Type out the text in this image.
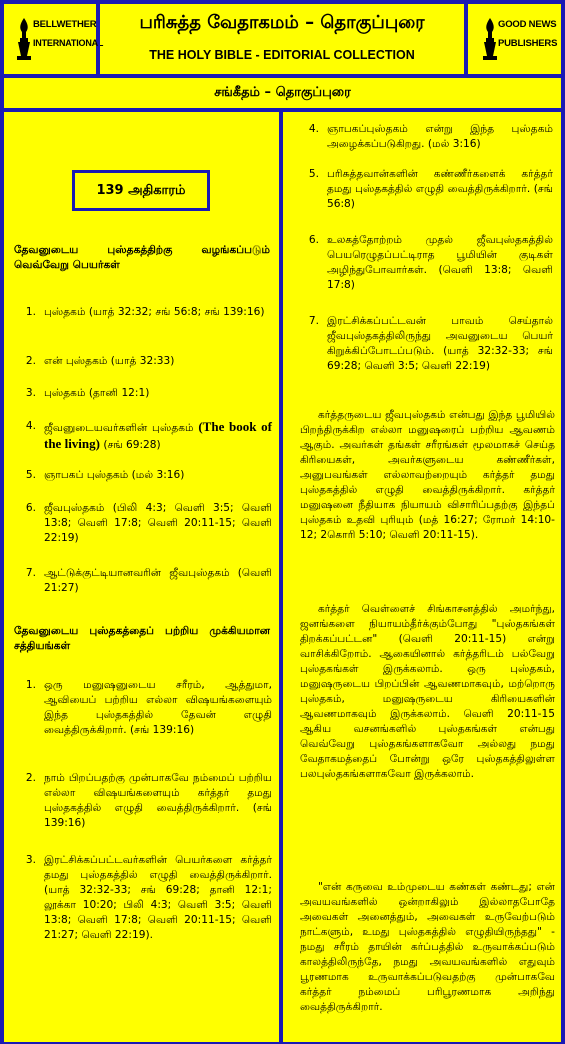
BELLWETHER
INTERNATIONAL
பரிசுத்த வேதாகமம் – தொகுப்புரை
THE HOLY BIBLE - EDITORIAL COLLECTION
GOOD NEWS
PUBLISHERS
சங்கீதம் – தொகுப்புரை
139 அதிகாரம்
தேவனுடைய புஸ்தகத்திற்கு வழங்கப்படும் வெவ்வேறு பெயர்கள்
1. புஸ்தகம் (யாத் 32:32; சங் 56:8; சங் 139:16)
2. என் புஸ்தகம் (யாத் 32:33)
3. புஸ்தகம் (தானி 12:1)
4. ஜீவனுடையவர்களின் புஸ்தகம் (The book of the living) (சங் 69:28)
5. ஞாபகப் புஸ்தகம் (மல் 3:16)
6. ஜீவபுஸ்தகம் (பிலி 4:3; வெளி 3:5; வெளி 13:8; வெளி 17:8; வெளி 20:11-15; வெளி 22:19)
7. ஆட்டுக்குட்டியானவரின் ஜீவபுஸ்தகம் (வெளி 21:27)
தேவனுடைய புஸ்தகத்தைப் பற்றிய முக்கியமான சத்தியங்கள்
1. ஒரு மனுஷனுடைய சரீரம், ஆத்துமா, ஆவியைப் பற்றிய எல்லா விஷயங்களையும் இந்த புஸ்தகத்தில் தேவன் எழுதி வைத்திருக்கிறார். (சங் 139:16)
2. நாம் பிறப்பதற்கு முன்பாகவே நம்மைப் பற்றிய எல்லா விஷயங்களையும் கர்த்தர் தமது புஸ்தகத்தில் எழுதி வைத்திருக்கிறார். (சங் 139:16)
3. இரட்சிக்கப்பட்டவர்களின் பெயர்களை கர்த்தர் தமது புஸ்தகத்தில் எழுதி வைத்திருக்கிறார். (யாத் 32:32-33; சங் 69:28; தானி 12:1; லூக்கா 10:20; பிலி 4:3; வெளி 3:5; வெளி 13:8; வெளி 17:8; வெளி 20:11-15; வெளி 21:27; வெளி 22:19).
4. ஞாபகப்புஸ்தகம் என்று இந்த புஸ்தகம் அழைக்கப்படுகிறது. (மல் 3:16)
5. பரிசுத்தவான்களின் கண்ணீர்களைக் கர்த்தர் தமது புஸ்தகத்தில் எழுதி வைத்திருக்கிறார். (சங் 56:8)
6. உலகத்தோற்றம் முதல் ஜீவபுஸ்தகத்தில் பெயரெழுதப்பட்டிராத பூமியின் குடிகள் அழிந்துபோவார்கள். (வெளி 13:8; வெளி 17:8)
7. இரட்சிக்கப்பட்டவன் பாவம் செய்தால் ஜீவபுஸ்தகத்திலிருந்து அவனுடைய பெயர் கிறுக்கிப்போடப்படும். (யாத் 32:32-33; சங் 69:28; வெளி 3:5; வெளி 22:19)
கர்த்தருடைய ஜீவபுஸ்தகம் என்பது இந்த பூமியில் பிறந்திருக்கிற எல்லா மனுஷரைப் பற்றிய ஆவணம் ஆகும். அவர்கள் தங்கள் சரீரங்கள் மூலமாகச் செய்த கிரியைகள், அவர்களுடைய கண்ணீர்கள், அனுபவங்கள் எல்லாவற்றையும் கர்த்தர் தமது புஸ்தகத்தில் எழுதி வைத்திருக்கிறார். கர்த்தர் மனுஷனை நீதியாக நியாயம் விசாரிப்பதற்கு இந்தப் புஸ்தகம் உதவி புரியும் (மத் 16:27; ரோமர் 14:10-12; 2கொரி 5:10; வெளி 20:11-15).
கர்த்தர் வெள்ளைச் சிங்காசனத்தில் அமர்ந்து, ஜனங்களை நியாயம்தீர்க்கும்போது "புஸ்தகங்கள் திறக்கப்பட்டன" (வெளி 20:11-15) என்று வாசிக்கிறோம். ஆகையினால் கர்த்தரிடம் பல்வேறு புஸ்தகங்கள் இருக்கலாம். ஒரு புஸ்தகம், மனுஷருடைய பிறப்பின் ஆவணமாகவும், மற்றொரு புஸ்தகம், மனுஷருடைய கிரியைகளின் ஆவணமாகவும் இருக்கலாம். வெளி 20:11-15 ஆகிய வசனங்களில் புஸ்தகங்கள் என்பது வெவ்வேறு புஸ்தகங்களாகவோ அல்லது நமது வேதாகமத்தைப் போன்று ஒரே புஸ்தகத்திலுள்ள பலபுஸ்தகங்களாகவோ இருக்கலாம்.
"என் கருவை உம்முடைய கண்கள் கண்டது; என் அவயவங்களில் ஒன்றாகிலும் இல்லாதபோதே அவைகள் அனைத்தும், அவைகள் உருவேற்படும் நாட்களும், உமது புஸ்தகத்தில் எழுதியிருந்தது" - நமது சரீரம் தாயின் கர்ப்பத்தில் உருவாக்கப்படும் காலத்திலிருந்தே, நமது அவயவங்களில் எதுவும் பூரணமாக உருவாக்கப்படுவதற்கு முன்பாகவே கர்த்தர் நம்மைப் பரிபூரணமாக அறிந்து வைத்திருக்கிறார்.
